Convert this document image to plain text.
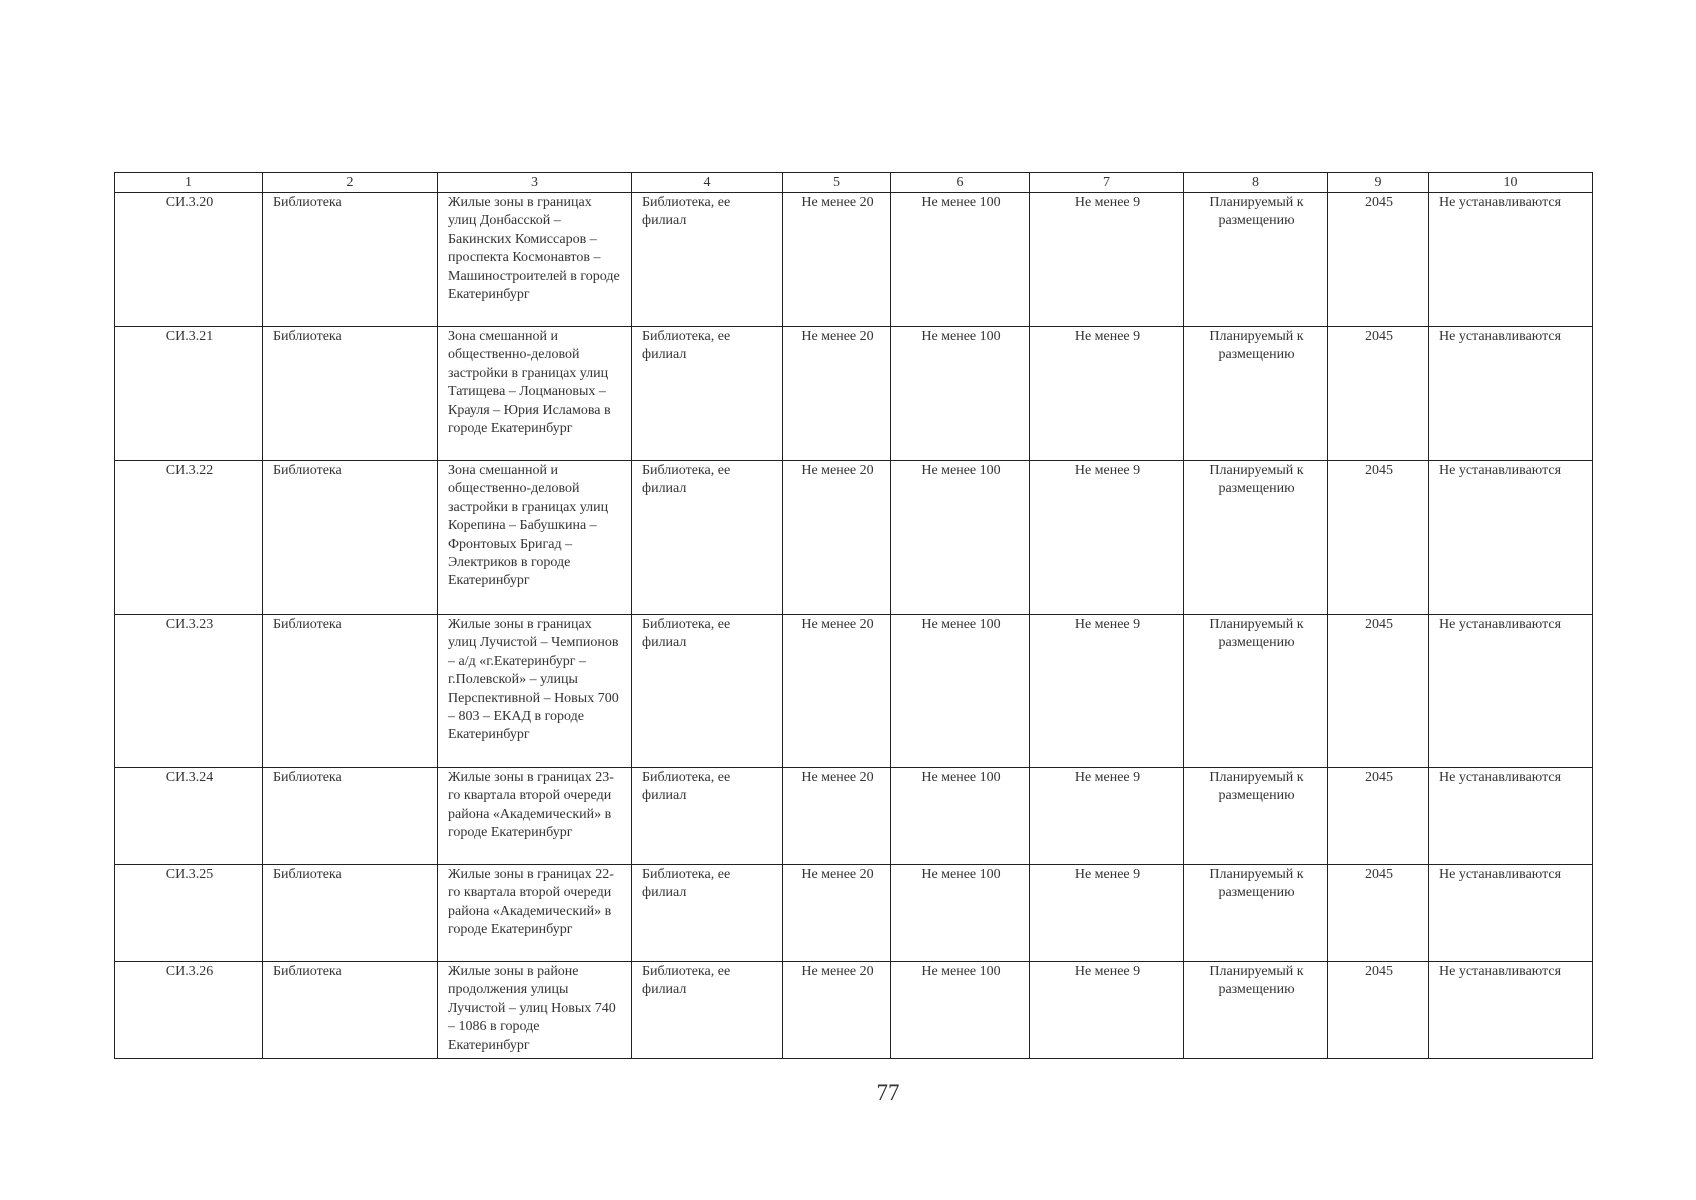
1	2	3	4	5	6	7	8	9	10
СИ.3.20	Библиотека	Жилые зоны в границах улиц Донбасской – Бакинских Комиссаров – проспекта Космонавтов – Машиностроителей в городе Екатеринбург	Библиотека, ее филиал	Не менее 20	Не менее 100	Не менее 9	Планируемый к размещению	2045	Не устанавливаются
СИ.3.21	Библиотека	Зона смешанной и общественно-деловой застройки в границах улиц Татищева – Лоцмановых – Крауля – Юрия Исламова в городе Екатеринбург	Библиотека, ее филиал	Не менее 20	Не менее 100	Не менее 9	Планируемый к размещению	2045	Не устанавливаются
СИ.3.22	Библиотека	Зона смешанной и общественно-деловой застройки в границах улиц Корепина – Бабушкина – Фронтовых Бригад – Электриков в городе Екатеринбург	Библиотека, ее филиал	Не менее 20	Не менее 100	Не менее 9	Планируемый к размещению	2045	Не устанавливаются
СИ.3.23	Библиотека	Жилые зоны в границах улиц Лучистой – Чемпионов – а/д «г.Екатеринбург – г.Полевской» – улицы Перспективной – Новых 700 – 803 – ЕКАД в городе Екатеринбург	Библиотека, ее филиал	Не менее 20	Не менее 100	Не менее 9	Планируемый к размещению	2045	Не устанавливаются
СИ.3.24	Библиотека	Жилые зоны в границах 23-го квартала второй очереди района «Академический» в городе Екатеринбург	Библиотека, ее филиал	Не менее 20	Не менее 100	Не менее 9	Планируемый к размещению	2045	Не устанавливаются
СИ.3.25	Библиотека	Жилые зоны в границах 22-го квартала второй очереди района «Академический» в городе Екатеринбург	Библиотека, ее филиал	Не менее 20	Не менее 100	Не менее 9	Планируемый к размещению	2045	Не устанавливаются
СИ.3.26	Библиотека	Жилые зоны в районе продолжения улицы Лучистой – улиц Новых 740 – 1086 в городе Екатеринбург	Библиотека, ее филиал	Не менее 20	Не менее 100	Не менее 9	Планируемый к размещению	2045	Не устанавливаются
77
